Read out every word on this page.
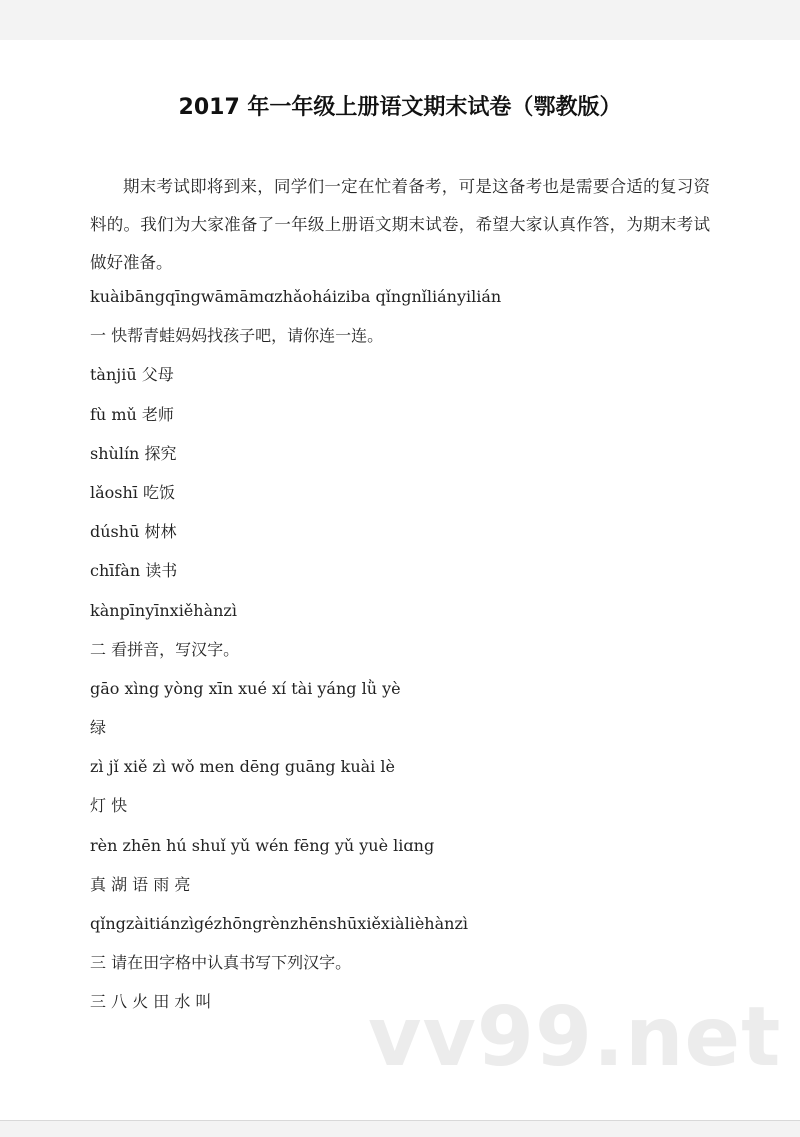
2017 年一年级上册语文期末试卷（鄂教版）
期末考试即将到来，同学们一定在忙着备考，可是这备考也是需要合适的复习资料的。我们为大家准备了一年级上册语文期末试卷，希望大家认真作答，为期末考试做好准备。
kuàibāngqīngwāmāmɑzhǎoháiziba qǐngnǐliányilián
一 快帮青蛙妈妈找孩子吧，请你连一连。
tànjiū 父母
fù mǔ 老师
shùlín 探究
lǎoshī 吃饭
dúshū 树林
chīfàn 读书
kànpīnyīnxiěhànzì
二 看拼音，写汉字。
gāo xìng yòng xīn xué xí tài yáng lǜ yè
绿
zì jǐ xiě zì wǒ men dēng guāng kuài lè
灯 快
rèn zhēn hú shuǐ yǔ wén fēng yǔ yuè liɑng
真 湖 语 雨 亮
qǐngzàitiánzìgézhōngrènzhēnshūxiěxiàlièhànzì
三 请在田字格中认真书写下列汉字。
三 八 火 田 水 叫	vv99.net
